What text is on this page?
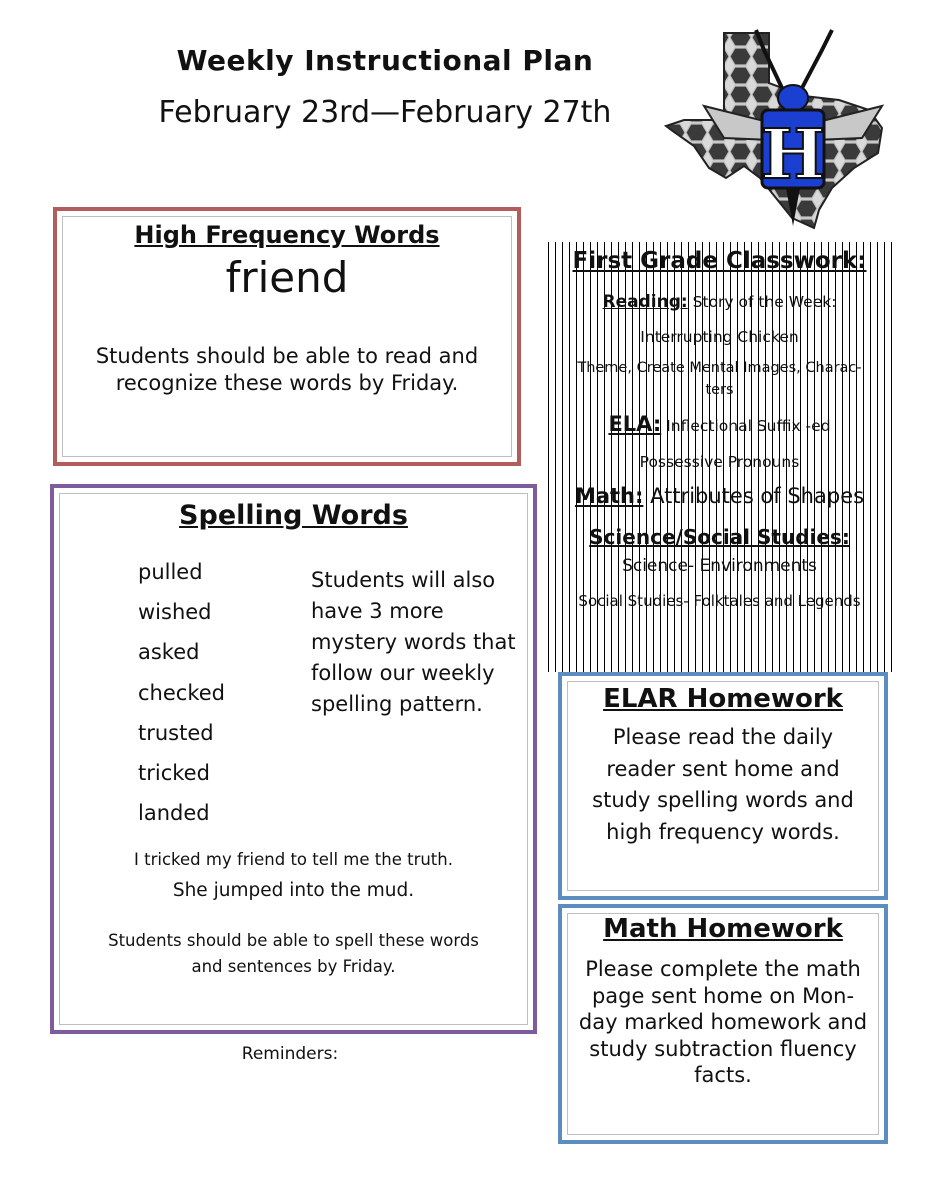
Weekly Instructional Plan
February 23rd—February 27th
H
High Frequency Words
friend
Students should be able to read and recognize these words by Friday.
Spelling Words
pulled
wished
asked
checked
trusted
tricked
landed
Students will also have 3 more mystery words that follow our weekly spelling pattern.
I tricked my friend to tell me the truth.
She jumped into the mud.
Students should be able to spell these words and sentences by Friday.
Reminders:
First Grade Classwork:
Reading: Story of the Week:
Interrupting Chicken
Theme, Create Mental Images, Charac-
ters
ELA: Inflectional Suffix -ed
Possessive Pronouns
Math: Attributes of Shapes
Science/Social Studies:
Science- Environments
Social Studies- Folktales and Legends
ELAR Homework
Please read the daily reader sent home and study spelling words and high frequency words.
Math Homework
Please complete the math page sent home on Mon-day marked homework and study subtraction fluency facts.
